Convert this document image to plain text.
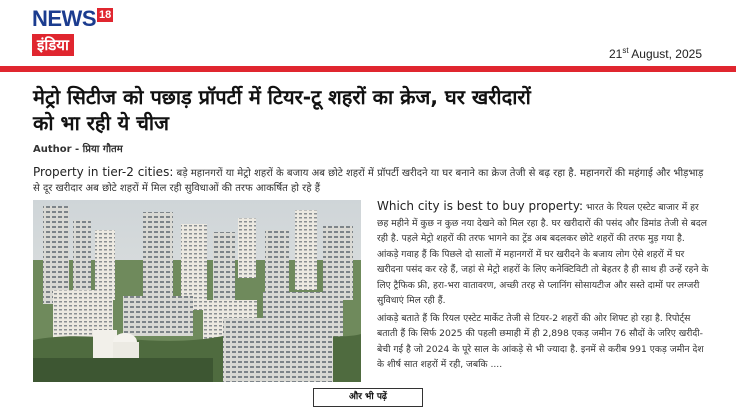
NEWS 18
इंडिया	21st August, 2025
मेट्रो सिटीज को पछाड़ प्रॉपर्टी में टियर-टू शहरों का क्रेज, घर खरीदारों को भा रही ये चीज
Author - प्रिया गौतम
Property in tier-2 cities: बड़े महानगरों या मेट्रो शहरों के बजाय अब छोटे शहरों में प्रॉपर्टी खरीदने या घर बनाने का क्रेज तेजी से बढ़ रहा है. महानगरों की महंगाई और भीड़भाड़ से दूर खरीदार अब छोटे शहरों में मिल रही सुविधाओं की तरफ आकर्षित हो रहे हैं

Which city is best to buy property: भारत के रियल एस्टेट बाजार में हर छह महीने में कुछ न कुछ नया देखने को मिल रहा है. घर खरीदारों की पसंद और डिमांड तेजी से बदल रही है. पहले मेट्रो शहरों की तरफ भागने का ट्रेंड अब बदलकर छोटे शहरों की तरफ मुड़ गया है. आंकड़े गवाह हैं कि पिछले दो सालों में महानगरों में घर खरीदने के बजाय लोग ऐसे शहरों में घर खरीदना पसंद कर रहे हैं, जहां से मेट्रो शहरों के लिए कनेक्टिविटी तो बेहतर है ही साथ ही उन्हें रहने के लिए ट्रैफिक फ्री, हरा-भरा वातावरण, अच्छी तरह से प्लानिंग सोसायटीज और सस्ते दामों पर लग्जरी सुविधाएं मिल रही हैं.

आंकड़े बताते हैं कि रियल एस्टेट मार्केट तेजी से टियर-2 शहरों की ओर शिफ्ट हो रहा है. रिपोर्ट्स बताती हैं कि सिर्फ 2025 की पहली छमाही में ही 2,898 एकड़ जमीन 76 सौदों के जरिए खरीदी-बेची गई है जो 2024 के पूरे साल के आंकड़े से भी ज्यादा है. इनमें से करीब 991 एकड़ जमीन देश के शीर्ष सात शहरों में रही, जबकि ....

और भी पढ़ें
